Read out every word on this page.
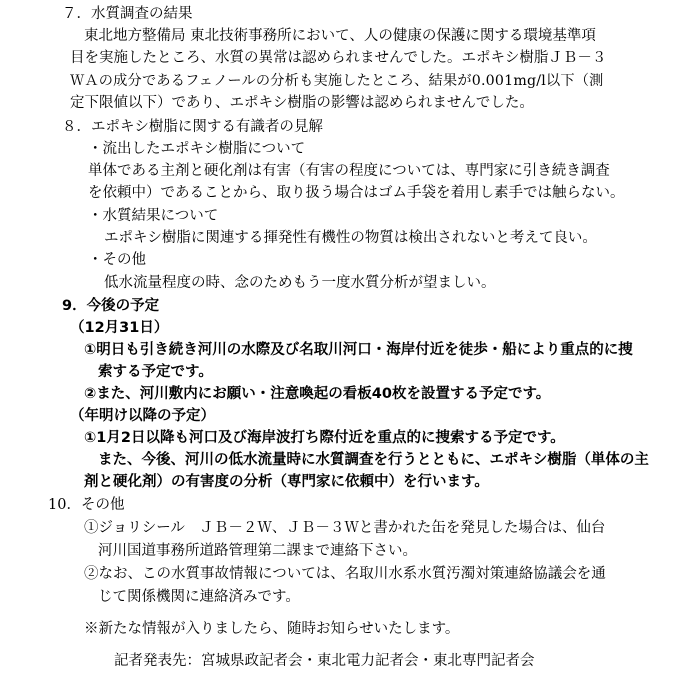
７．水質調査の結果
東北地方整備局 東北技術事務所において、人の健康の保護に関する環境基準項
目を実施したところ、水質の異常は認められませんでした。エポキシ樹脂ＪＢ－３
ＷＡの成分であるフェノールの分析も実施したところ、結果が0.001mg/l以下（測
定下限値以下）であり、エポキシ樹脂の影響は認められませんでした。
８．エポキシ樹脂に関する有識者の見解
・流出したエポキシ樹脂について
単体である主剤と硬化剤は有害（有害の程度については、専門家に引き続き調査
を依頼中）であることから、取り扱う場合はゴム手袋を着用し素手では触らない。
・水質結果について
エポキシ樹脂に関連する揮発性有機性の物質は検出されないと考えて良い。
・その他
低水流量程度の時、念のためもう一度水質分析が望ましい。
9．今後の予定
（12月31日）
①明日も引き続き河川の水際及び名取川河口・海岸付近を徒歩・船により重点的に捜
索する予定です。
②また、河川敷内にお願い・注意喚起の看板40枚を設置する予定です。
（年明け以降の予定）
①1月2日以降も河口及び海岸波打ち際付近を重点的に捜索する予定です。
また、今後、河川の低水流量時に水質調査を行うとともに、エポキシ樹脂（単体の主
剤と硬化剤）の有害度の分析（専門家に依頼中）を行います。
10．その他
①ジョリシール　ＪＢ－２Ｗ、ＪＢ－３Ｗと書かれた缶を発見した場合は、仙台
河川国道事務所道路管理第二課まで連絡下さい。
②なお、この水質事故情報については、名取川水系水質汚濁対策連絡協議会を通
じて関係機関に連絡済みです。
※新たな情報が入りましたら、随時お知らせいたします。
記者発表先：宮城県政記者会・東北電力記者会・東北専門記者会
